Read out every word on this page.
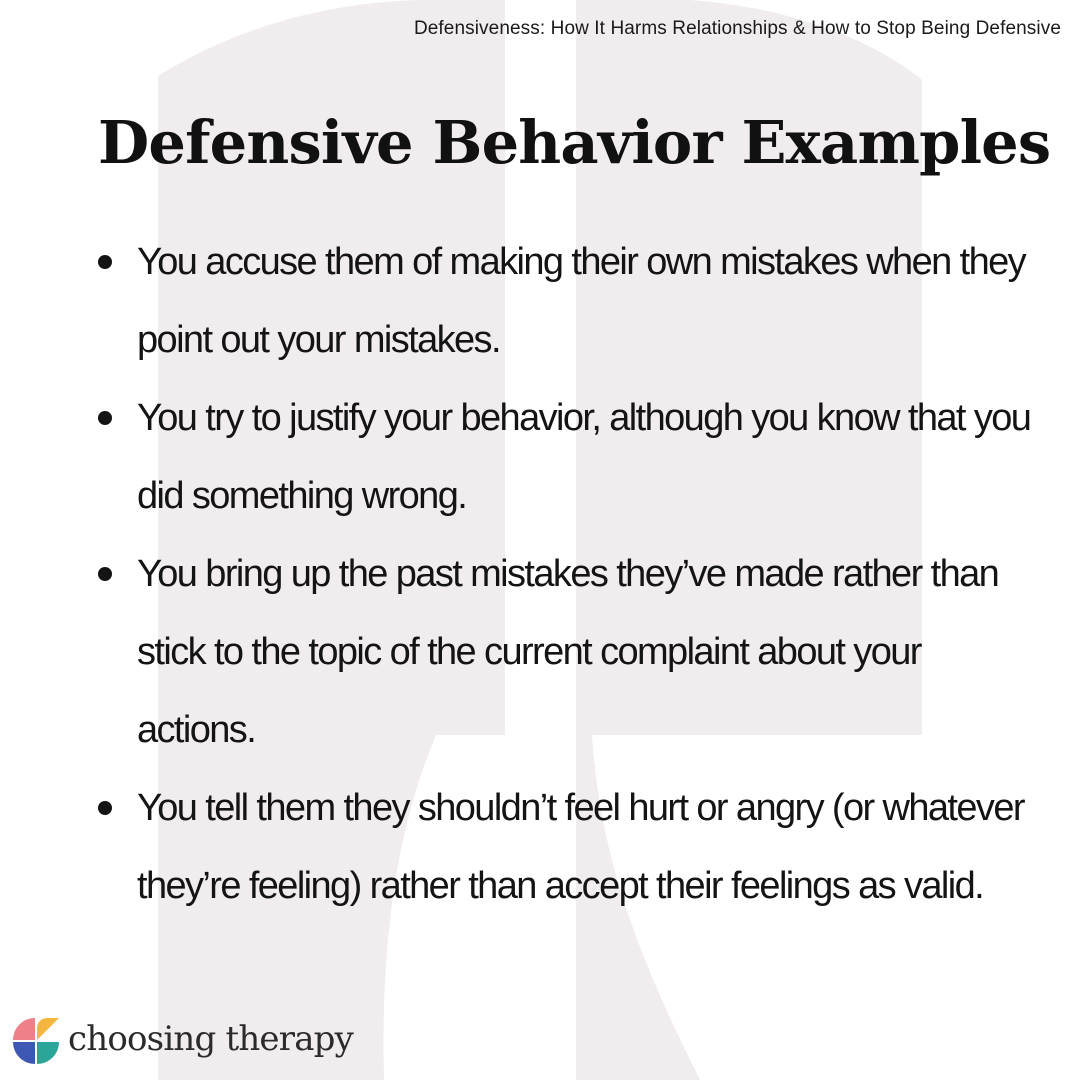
Defensiveness: How It Harms Relationships & How to Stop Being Defensive
Defensive Behavior Examples
You accuse them of making their own mistakes when they point out your mistakes.
You try to justify your behavior, although you know that you did something wrong.
You bring up the past mistakes they’ve made rather than stick to the topic of the current complaint about your actions.
You tell them they shouldn’t feel hurt or angry (or whatever they’re feeling) rather than accept their feelings as valid.
choosing therapy
